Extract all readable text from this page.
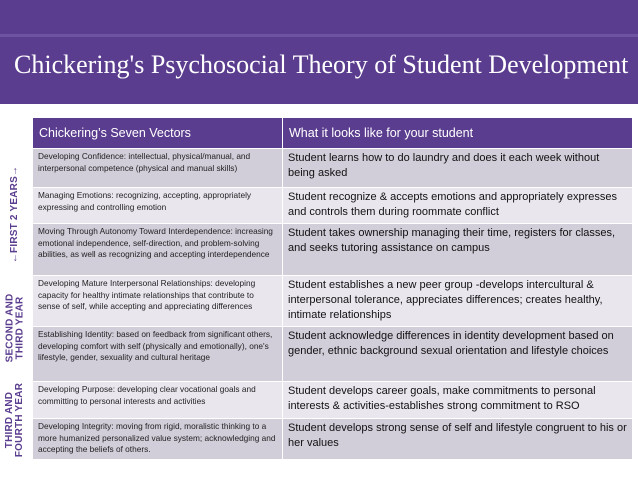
Chickering's Psychosocial Theory of Student Development
←FIRST 2 YEARS→
SECOND AND THIRD YEAR
THIRD AND FOURTH YEAR
Chickering’s Seven Vectors	What it looks like for your student
Developing Confidence: intellectual, physical/manual, and interpersonal competence (physical and manual skills)	Student learns how to do laundry and does it each week without being asked
Managing Emotions: recognizing, accepting, appropriately expressing and controlling emotion	Student recognize & accepts emotions and appropriately expresses and controls them during roommate conflict
Moving Through Autonomy Toward Interdependence: increasing emotional independence, self-direction, and problem-solving abilities, as well as recognizing and accepting interdependence	Student takes ownership managing their time, registers for classes, and seeks tutoring assistance on campus
Developing Mature Interpersonal Relationships: developing capacity for healthy intimate relationships that contribute to sense of self, while accepting and appreciating differences	Student establishes a new peer group -develops intercultural & interpersonal tolerance, appreciates differences; creates healthy, intimate relationships
Establishing Identity: based on feedback from significant others, developing comfort with self (physically and emotionally), one's lifestyle, gender, sexuality and cultural heritage	Student acknowledge differences in identity development based on gender, ethnic background sexual orientation and lifestyle choices
Developing Purpose: developing clear vocational goals and committing to personal interests and activities	Student develops career goals, make commitments to personal interests & activities-establishes strong commitment to RSO
Developing Integrity: moving from rigid, moralistic thinking to a more humanized personalized value system; acknowledging and accepting the beliefs of others.	Student develops strong sense of self and lifestyle congruent to his or her values
